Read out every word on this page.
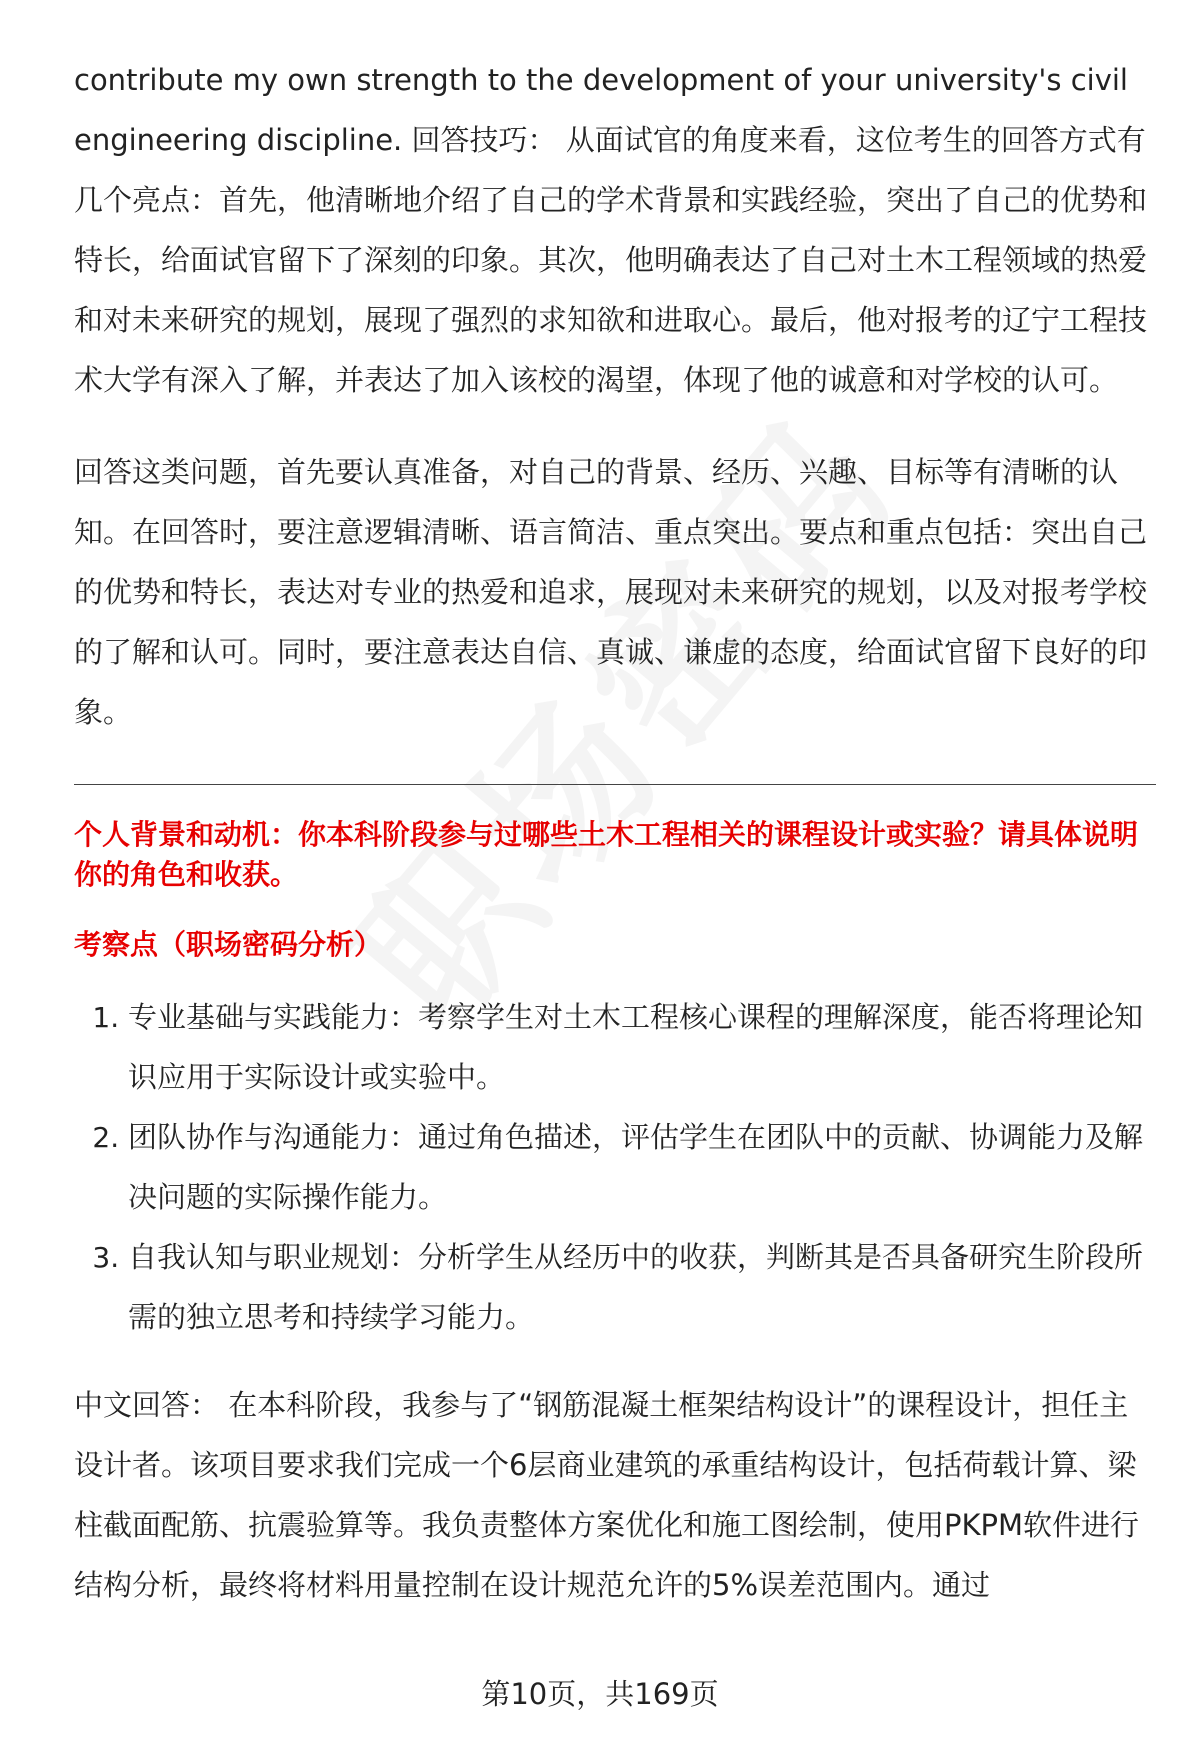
contribute my own strength to the development of your university's civil engineering discipline. 回答技巧： 从面试官的角度来看，这位考生的回答方式有几个亮点：首先，他清晰地介绍了自己的学术背景和实践经验，突出了自己的优势和特长，给面试官留下了深刻的印象。其次，他明确表达了自己对土木工程领域的热爱和对未来研究的规划，展现了强烈的求知欲和进取心。最后，他对报考的辽宁工程技术大学有深入了解，并表达了加入该校的渴望，体现了他的诚意和对学校的认可。

回答这类问题，首先要认真准备，对自己的背景、经历、兴趣、目标等有清晰的认知。在回答时，要注意逻辑清晰、语言简洁、重点突出。要点和重点包括：突出自己的优势和特长，表达对专业的热爱和追求，展现对未来研究的规划，以及对报考学校的了解和认可。同时，要注意表达自信、真诚、谦虚的态度，给面试官留下良好的印象。

个人背景和动机：你本科阶段参与过哪些土木工程相关的课程设计或实验？请具体说明你的角色和收获。

考察点（职场密码分析）

1. 专业基础与实践能力：考察学生对土木工程核心课程的理解深度，能否将理论知识应用于实际设计或实验中。
2. 团队协作与沟通能力：通过角色描述，评估学生在团队中的贡献、协调能力及解决问题的实际操作能力。
3. 自我认知与职业规划：分析学生从经历中的收获，判断其是否具备研究生阶段所需的独立思考和持续学习能力。

中文回答： 在本科阶段，我参与了“钢筋混凝土框架结构设计”的课程设计，担任主设计者。该项目要求我们完成一个6层商业建筑的承重结构设计，包括荷载计算、梁柱截面配筋、抗震验算等。我负责整体方案优化和施工图绘制，使用PKPM软件进行结构分析，最终将材料用量控制在设计规范允许的5%误差范围内。通过

第10页，共169页
